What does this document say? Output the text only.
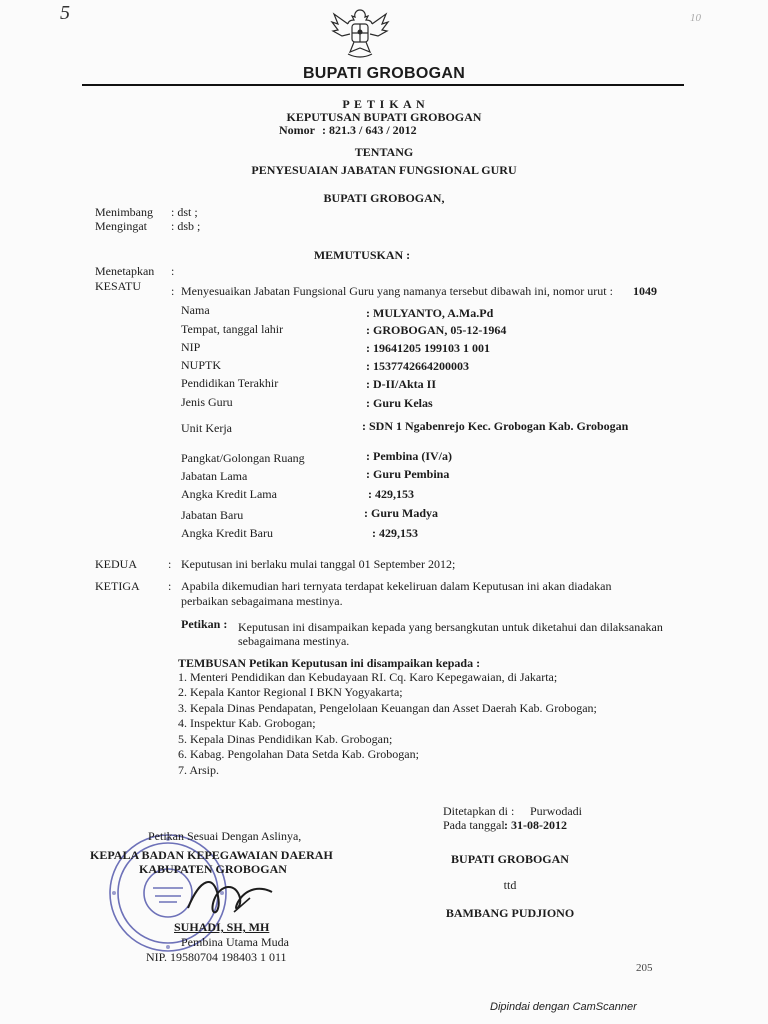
5	10
BUPATI GROBOGAN
P E T I K A N
KEPUTUSAN BUPATI GROBOGAN
Nomor : 821.3 / 643 / 2012
TENTANG
PENYESUAIAN JABATAN FUNGSIONAL GURU
BUPATI GROBOGAN,
Menimbang : dst ;
Mengingat : dsb ;
MEMUTUSKAN :
Menetapkan :
KESATU : Menyesuaikan Jabatan Fungsional Guru yang namanya tersebut dibawah ini, nomor urut : 1049
Nama	: MULYANTO, A.Ma.Pd
Tempat, tanggal lahir	: GROBOGAN, 05-12-1964
NIP	: 19641205 199103 1 001
NUPTK	: 1537742664200003
Pendidikan Terakhir	: D-II/Akta II
Jenis Guru	: Guru Kelas
Unit Kerja	: SDN 1 Ngabenrejo Kec. Grobogan Kab. Grobogan
Pangkat/Golongan Ruang	: Pembina (IV/a)
Jabatan Lama	: Guru Pembina
Angka Kredit Lama	: 429,153
Jabatan Baru	: Guru Madya
Angka Kredit Baru	: 429,153
KEDUA	: Keputusan ini berlaku mulai tanggal 01 September 2012;
KETIGA : Apabila dikemudian hari ternyata terdapat kekeliruan dalam Keputusan ini akan diadakan
perbaikan sebagaimana mestinya.
Petikan : Keputusan ini disampaikan kepada yang bersangkutan untuk diketahui dan dilaksanakan
sebagaimana mestinya.
TEMBUSAN Petikan Keputusan ini disampaikan kepada :
1. Menteri Pendidikan dan Kebudayaan RI. Cq. Karo Kepegawaian, di Jakarta;
2. Kepala Kantor Regional I BKN Yogyakarta;
3. Kepala Dinas Pendapatan, Pengelolaan Keuangan dan Asset Daerah Kab. Grobogan;
4. Inspektur Kab. Grobogan;
5. Kepala Dinas Pendidikan Kab. Grobogan;
6. Kabag. Pengolahan Data Setda Kab. Grobogan;
7. Arsip.
Ditetapkan di : Purwodadi
Pada tanggal : 31-08-2012
BUPATI GROBOGAN
ttd
BAMBANG PUDJIONO
Petikan Sesuai Dengan Aslinya,
KEPALA BADAN KEPEGAWAIAN DAERAH
KABUPATEN GROBOGAN
SUHADI, SH, MH
Pembina Utama Muda
NIP. 19580704 198403 1 011
205
Dipindai dengan CamScanner
